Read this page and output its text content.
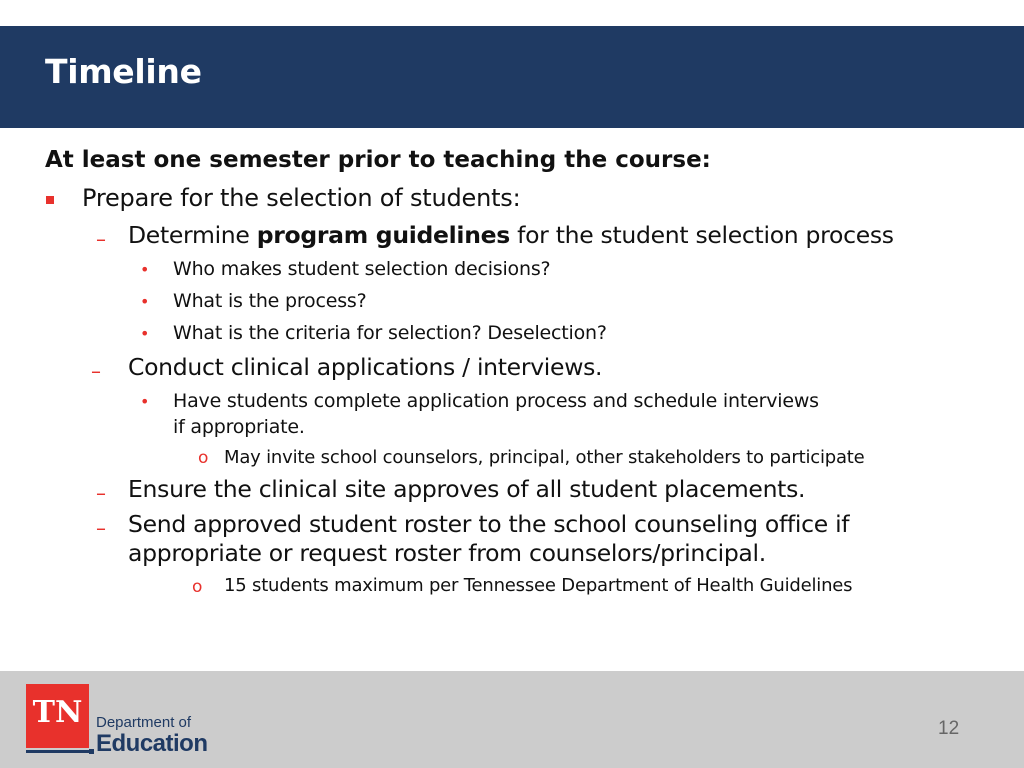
Timeline
At least one semester prior to teaching the course:
Prepare for the selection of students:
– Determine program guidelines for the student selection process
• Who makes student selection decisions?
• What is the process?
• What is the criteria for selection? Deselection?
– Conduct clinical applications / interviews.
• Have students complete application process and schedule interviews
if appropriate.
o May invite school counselors, principal, other stakeholders to participate
– Ensure the clinical site approves of all student placements.
– Send approved student roster to the school counseling office if
appropriate or request roster from counselors/principal.
o 15 students maximum per Tennessee Department of Health Guidelines
TN Department of
Education
12
